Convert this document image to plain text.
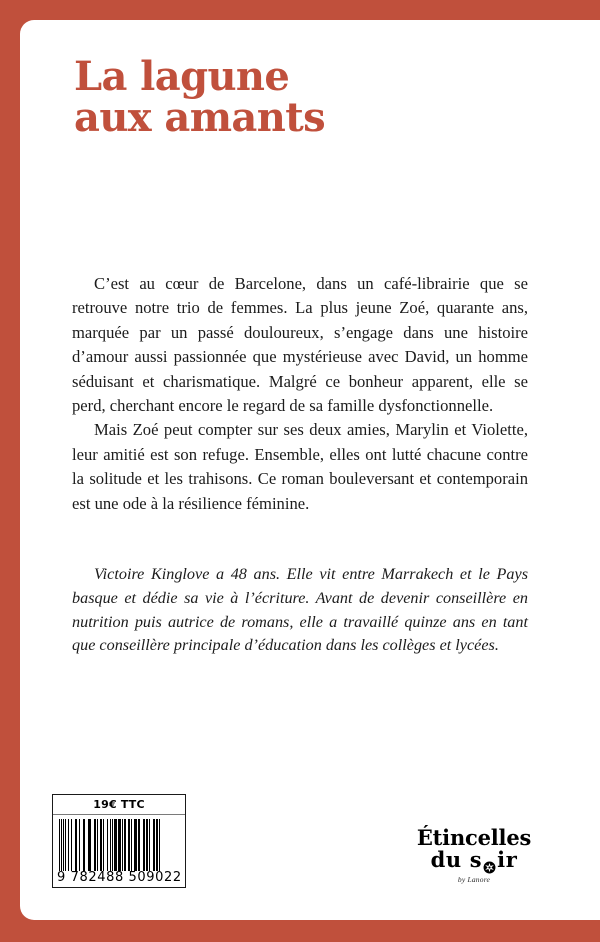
La lagune
aux amants

C’est au cœur de Barcelone, dans un café-librairie que se retrouve notre trio de femmes. La plus jeune Zoé, quarante ans, marquée par un passé douloureux, s’engage dans une histoire d’amour aussi passionnée que mystérieuse avec David, un homme séduisant et charismatique. Malgré ce bonheur apparent, elle se perd, cherchant encore le regard de sa famille dysfonctionnelle.

Mais Zoé peut compter sur ses deux amies, Marylin et Violette, leur amitié est son refuge. Ensemble, elles ont lutté chacune contre la solitude et les trahisons. Ce roman bouleversant et contemporain est une ode à la résilience féminine.

Victoire Kinglove a 48 ans. Elle vit entre Marrakech et le Pays basque et dédie sa vie à l’écriture. Avant de devenir conseillère en nutrition puis autrice de romans, elle a travaillé quinze ans en tant que conseillère principale d’éducation dans les collèges et lycées.

19€ TTC
9 782488 509022
Étincelles
du s ir
by Lanore
